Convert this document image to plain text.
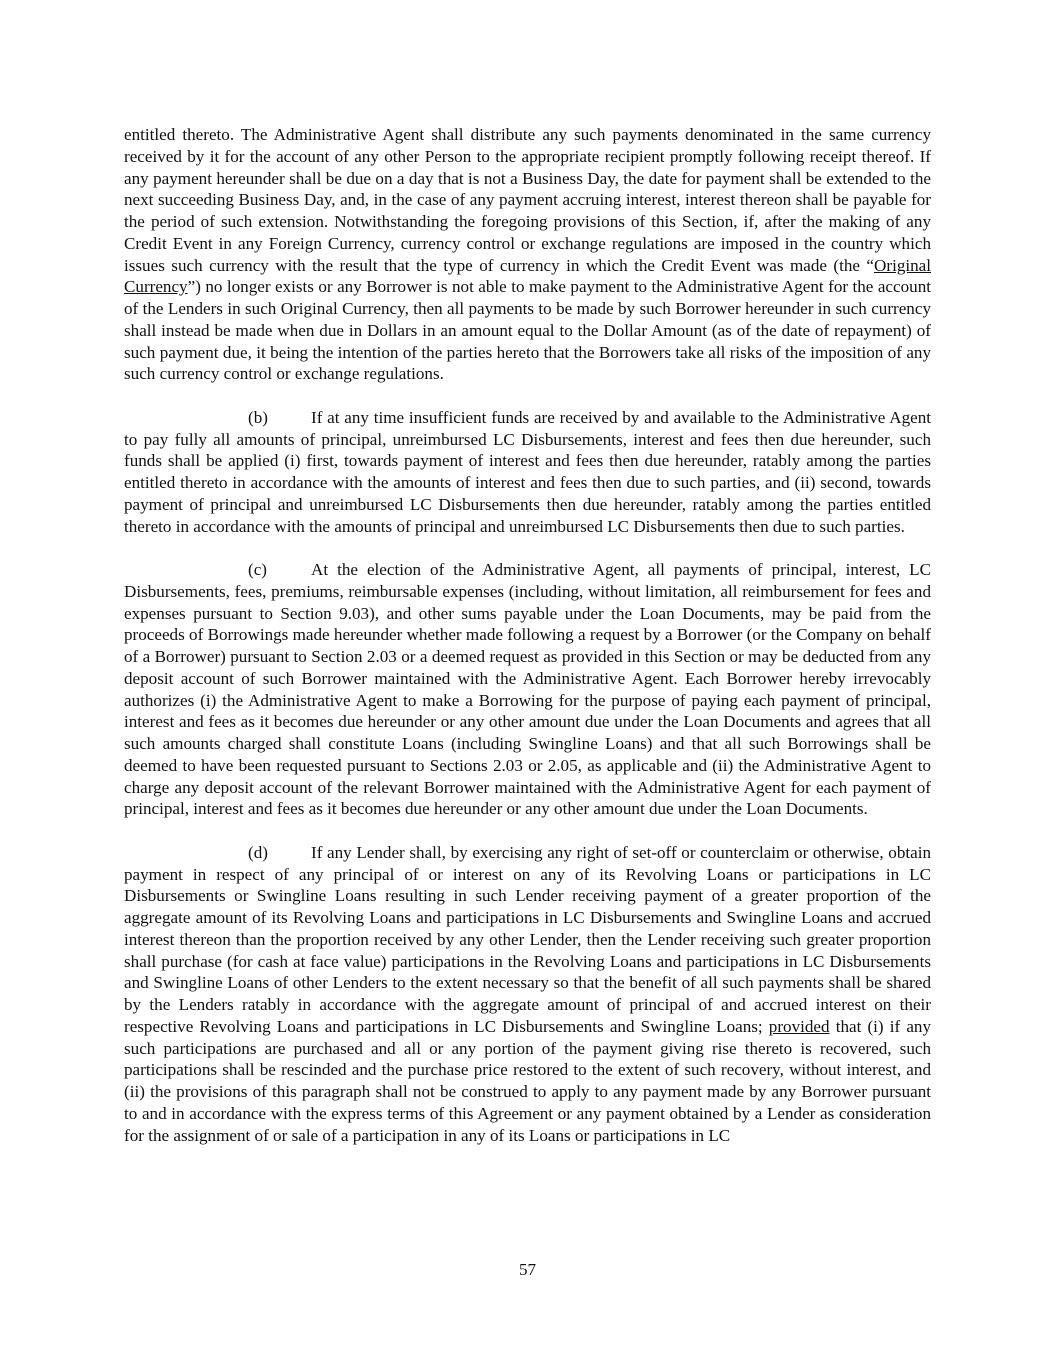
entitled thereto. The Administrative Agent shall distribute any such payments denominated in the same currency received by it for the account of any other Person to the appropriate recipient promptly following receipt thereof. If any payment hereunder shall be due on a day that is not a Business Day, the date for payment shall be extended to the next succeeding Business Day, and, in the case of any payment accruing interest, interest thereon shall be payable for the period of such extension. Notwithstanding the foregoing provisions of this Section, if, after the making of any Credit Event in any Foreign Currency, currency control or exchange regulations are imposed in the country which issues such currency with the result that the type of currency in which the Credit Event was made (the “Original Currency”) no longer exists or any Borrower is not able to make payment to the Administrative Agent for the account of the Lenders in such Original Currency, then all payments to be made by such Borrower hereunder in such currency shall instead be made when due in Dollars in an amount equal to the Dollar Amount (as of the date of repayment) of such payment due, it being the intention of the parties hereto that the Borrowers take all risks of the imposition of any such currency control or exchange regulations.

(b)	If at any time insufficient funds are received by and available to the Administrative Agent to pay fully all amounts of principal, unreimbursed LC Disbursements, interest and fees then due hereunder, such funds shall be applied (i) first, towards payment of interest and fees then due hereunder, ratably among the parties entitled thereto in accordance with the amounts of interest and fees then due to such parties, and (ii) second, towards payment of principal and unreimbursed LC Disbursements then due hereunder, ratably among the parties entitled thereto in accordance with the amounts of principal and unreimbursed LC Disbursements then due to such parties.

(c)	At the election of the Administrative Agent, all payments of principal, interest, LC Disbursements, fees, premiums, reimbursable expenses (including, without limitation, all reimbursement for fees and expenses pursuant to Section 9.03), and other sums payable under the Loan Documents, may be paid from the proceeds of Borrowings made hereunder whether made following a request by a Borrower (or the Company on behalf of a Borrower) pursuant to Section 2.03 or a deemed request as provided in this Section or may be deducted from any deposit account of such Borrower maintained with the Administrative Agent. Each Borrower hereby irrevocably authorizes (i) the Administrative Agent to make a Borrowing for the purpose of paying each payment of principal, interest and fees as it becomes due hereunder or any other amount due under the Loan Documents and agrees that all such amounts charged shall constitute Loans (including Swingline Loans) and that all such Borrowings shall be deemed to have been requested pursuant to Sections 2.03 or 2.05, as applicable and (ii) the Administrative Agent to charge any deposit account of the relevant Borrower maintained with the Administrative Agent for each payment of principal, interest and fees as it becomes due hereunder or any other amount due under the Loan Documents.

(d)	If any Lender shall, by exercising any right of set-off or counterclaim or otherwise, obtain payment in respect of any principal of or interest on any of its Revolving Loans or participations in LC Disbursements or Swingline Loans resulting in such Lender receiving payment of a greater proportion of the aggregate amount of its Revolving Loans and participations in LC Disbursements and Swingline Loans and accrued interest thereon than the proportion received by any other Lender, then the Lender receiving such greater proportion shall purchase (for cash at face value) participations in the Revolving Loans and participations in LC Disbursements and Swingline Loans of other Lenders to the extent necessary so that the benefit of all such payments shall be shared by the Lenders ratably in accordance with the aggregate amount of principal of and accrued interest on their respective Revolving Loans and participations in LC Disbursements and Swingline Loans; provided that (i) if any such participations are purchased and all or any portion of the payment giving rise thereto is recovered, such participations shall be rescinded and the purchase price restored to the extent of such recovery, without interest, and (ii) the provisions of this paragraph shall not be construed to apply to any payment made by any Borrower pursuant to and in accordance with the express terms of this Agreement or any payment obtained by a Lender as consideration for the assignment of or sale of a participation in any of its Loans or participations in LC

57
